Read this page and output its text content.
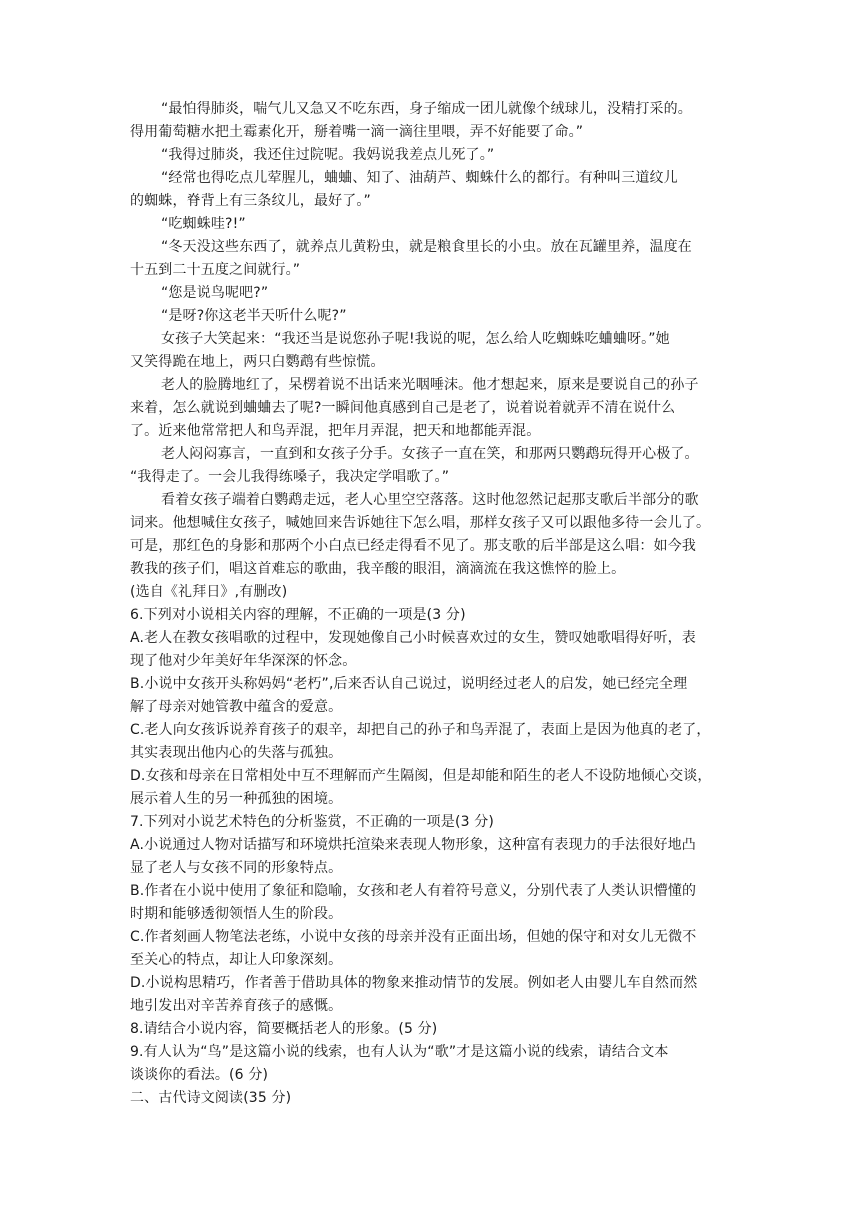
“最怕得肺炎，喘气儿又急又不吃东西，身子缩成一团儿就像个绒球儿，没精打采的。
得用葡萄糖水把土霉素化开，掰着嘴一滴一滴往里喂，弄不好能要了命。”
“我得过肺炎，我还住过院呢。我妈说我差点儿死了。”
“经常也得吃点儿荤腥儿，蛐蛐、知了、油葫芦、蜘蛛什么的都行。有种叫三道纹儿
的蜘蛛，脊背上有三条纹儿，最好了。”
“吃蜘蛛哇?!”
“冬天没这些东西了，就养点儿黄粉虫，就是粮食里长的小虫。放在瓦罐里养，温度在
十五到二十五度之间就行。”
“您是说鸟呢吧?”
“是呀?你这老半天听什么呢?”
女孩子大笑起来：“我还当是说您孙子呢!我说的呢，怎么给人吃蜘蛛吃蛐蛐呀。”她
又笑得跪在地上，两只白鹦鹉有些惊慌。
老人的脸腾地红了，呆楞着说不出话来光咽唾沫。他才想起来，原来是要说自己的孙子
来着，怎么就说到蛐蛐去了呢?一瞬间他真感到自己是老了，说着说着就弄不清在说什么
了。近来他常常把人和鸟弄混，把年月弄混，把天和地都能弄混。
老人闷闷寡言，一直到和女孩子分手。女孩子一直在笑，和那两只鹦鹉玩得开心极了。
“我得走了。一会儿我得练嗓子，我决定学唱歌了。”
看着女孩子端着白鹦鹉走远，老人心里空空落落。这时他忽然记起那支歌后半部分的歌
词来。他想喊住女孩子，喊她回来告诉她往下怎么唱，那样女孩子又可以跟他多待一会儿了。
可是，那红色的身影和那两个小白点已经走得看不见了。那支歌的后半部是这么唱：如今我
教我的孩子们，唱这首难忘的歌曲，我辛酸的眼泪，滴滴流在我这憔悴的脸上。
(选自《礼拜日》,有删改)
6.下列对小说相关内容的理解，不正确的一项是(3 分)
A.老人在教女孩唱歌的过程中，发现她像自己小时候喜欢过的女生，赞叹她歌唱得好听，表
现了他对少年美好年华深深的怀念。
B.小说中女孩开头称妈妈“老朽”,后来否认自己说过，说明经过老人的启发，她已经完全理
解了母亲对她管教中蕴含的爱意。
C.老人向女孩诉说养育孩子的艰辛，却把自己的孙子和鸟弄混了，表面上是因为他真的老了，
其实表现出他内心的失落与孤独。
D.女孩和母亲在日常相处中互不理解而产生隔阂，但是却能和陌生的老人不设防地倾心交谈，
展示着人生的另一种孤独的困境。
7.下列对小说艺术特色的分析鉴赏，不正确的一项是(3 分)
A.小说通过人物对话描写和环境烘托渲染来表现人物形象，这种富有表现力的手法很好地凸
显了老人与女孩不同的形象特点。
B.作者在小说中使用了象征和隐喻，女孩和老人有着符号意义，分别代表了人类认识懵懂的
时期和能够透彻领悟人生的阶段。
C.作者刻画人物笔法老练，小说中女孩的母亲并没有正面出场，但她的保守和对女儿无微不
至关心的特点，却让人印象深刻。
D.小说构思精巧，作者善于借助具体的物象来推动情节的发展。例如老人由婴儿车自然而然
地引发出对辛苦养育孩子的感慨。
8.请结合小说内容，简要概括老人的形象。(5 分)
9.有人认为“鸟”是这篇小说的线索，也有人认为“歌”才是这篇小说的线索，请结合文本
谈谈你的看法。(6 分)
二、古代诗文阅读(35 分)
